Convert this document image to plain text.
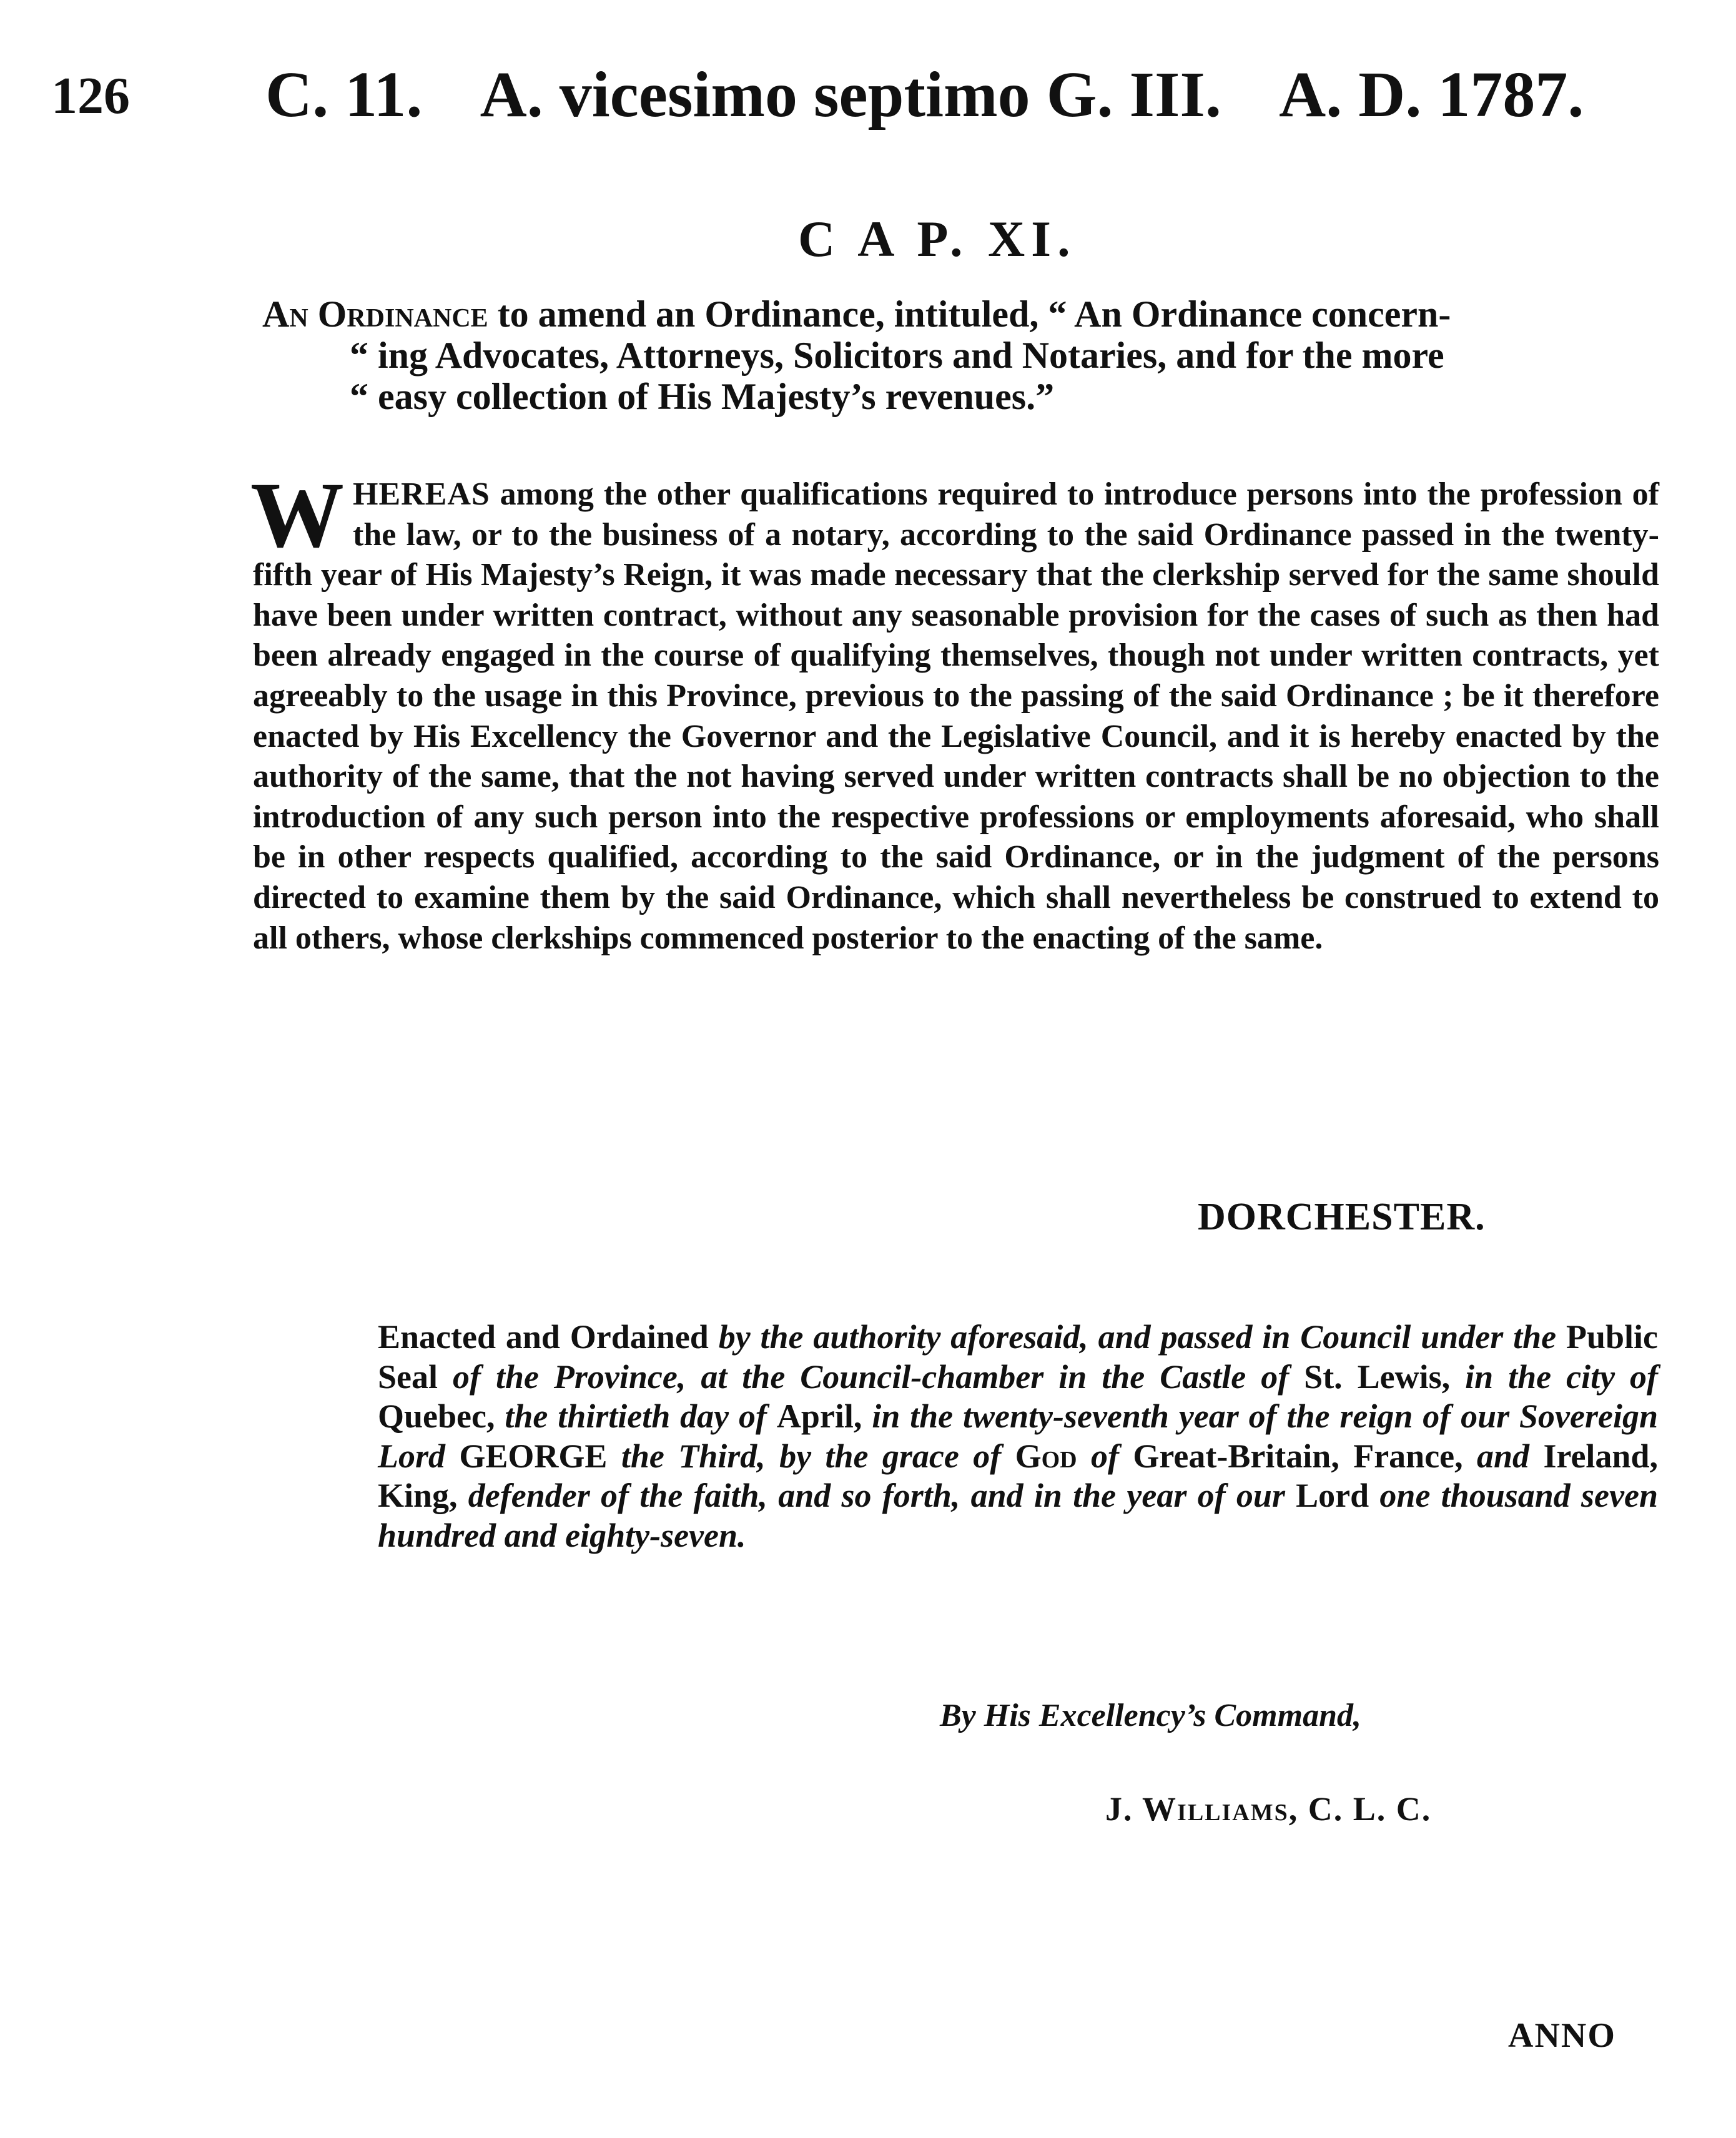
126 C. 11. A. vicesimo septimo G. III. A. D. 1787.
C A P. XI.
An Ordinance to amend an Ordinance, intituled, “ An Ordinance concern-
“ ing Advocates, Attorneys, Solicitors and Notaries, and for the more
“ easy collection of His Majesty’s revenues.”
WHEREAS among the other qualifications required to introduce persons into the profession of the law, or to the business of a notary, according to the said Ordinance passed in the twenty-fifth year of His Majesty’s Reign, it was made necessary that the clerkship served for the same should have been under written contract, without any seasonable provision for the cases of such as then had been already engaged in the course of qualifying themselves, though not under written contracts, yet agreeably to the usage in this Province, previous to the passing of the said Ordinance ; be it therefore enacted by His Excellency the Governor and the Legislative Council, and it is hereby enacted by the authority of the same, that the not having served under written contracts shall be no objection to the introduction of any such person into the respective professions or employments aforesaid, who shall be in other respects qualified, according to the said Ordinance, or in the judgment of the persons directed to examine them by the said Ordinance, which shall nevertheless be construed to extend to all others, whose clerkships commenced posterior to the enacting of the same.
DORCHESTER.
Enacted and Ordained by the authority aforesaid, and passed in Council under the Public Seal of the Province, at the Council-chamber in the Castle of St. Lewis, in the city of Quebec, the thirtieth day of April, in the twenty-seventh year of the reign of our Sovereign Lord GEORGE the Third, by the grace of God of Great-Britain, France, and Ireland, King, defender of the faith, and so forth, and in the year of our Lord one thousand seven hundred and eighty-seven.
By His Excellency’s Command,
J. Williams, C. L. C.
ANNO
